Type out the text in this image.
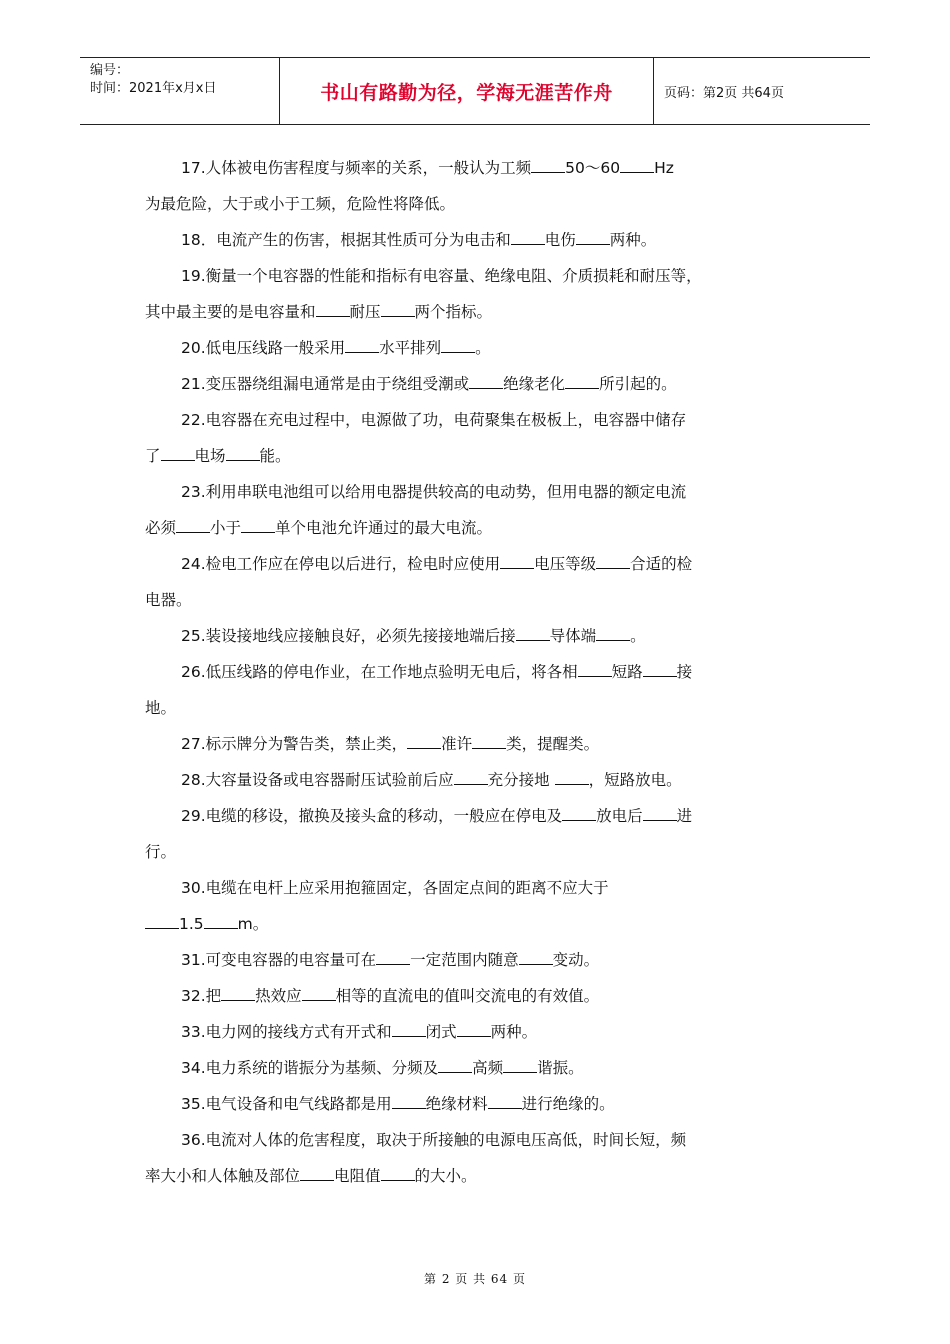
编号：
时间：2021年x月x日	书山有路勤为径，学海无涯苦作舟	页码：第2页 共64页
17.人体被电伤害程度与频率的关系，一般认为工频 50～60 Hz
为最危险，大于或小于工频，危险性将降低。
18．电流产生的伤害，根据其性质可分为电击和 电伤 两种。
19.衡量一个电容器的性能和指标有电容量、绝缘电阻、介质损耗和耐压等，
其中最主要的是电容量和 耐压 两个指标。
20.低电压线路一般采用 水平排列 。
21.变压器绕组漏电通常是由于绕组受潮或 绝缘老化 所引起的。
22.电容器在充电过程中，电源做了功，电荷聚集在极板上，电容器中储存
了 电场 能。
23.利用串联电池组可以给用电器提供较高的电动势，但用电器的额定电流
必须 小于 单个电池允许通过的最大电流。
24.检电工作应在停电以后进行，检电时应使用 电压等级 合适的检
电器。
25.装设接地线应接触良好，必须先接接地端后接 导体端 。
26.低压线路的停电作业，在工作地点验明无电后，将各相 短路 接
地。
27.标示牌分为警告类，禁止类， 准许 类，提醒类。
28.大容量设备或电容器耐压试验前后应 充分接地 ，短路放电。
29.电缆的移设，撤换及接头盒的移动，一般应在停电及 放电后 进
行。
30.电缆在电杆上应采用抱箍固定，各固定点间的距离不应大于
1.5 m。
31.可变电容器的电容量可在 一定范围内随意 变动。
32.把 热效应 相等的直流电的值叫交流电的有效值。
33.电力网的接线方式有开式和 闭式 两种。
34.电力系统的谐振分为基频、分频及 高频 谐振。
35.电气设备和电气线路都是用 绝缘材料 进行绝缘的。
36.电流对人体的危害程度，取决于所接触的电源电压高低，时间长短，频
率大小和人体触及部位 电阻值 的大小。
第 2 页 共 64 页
